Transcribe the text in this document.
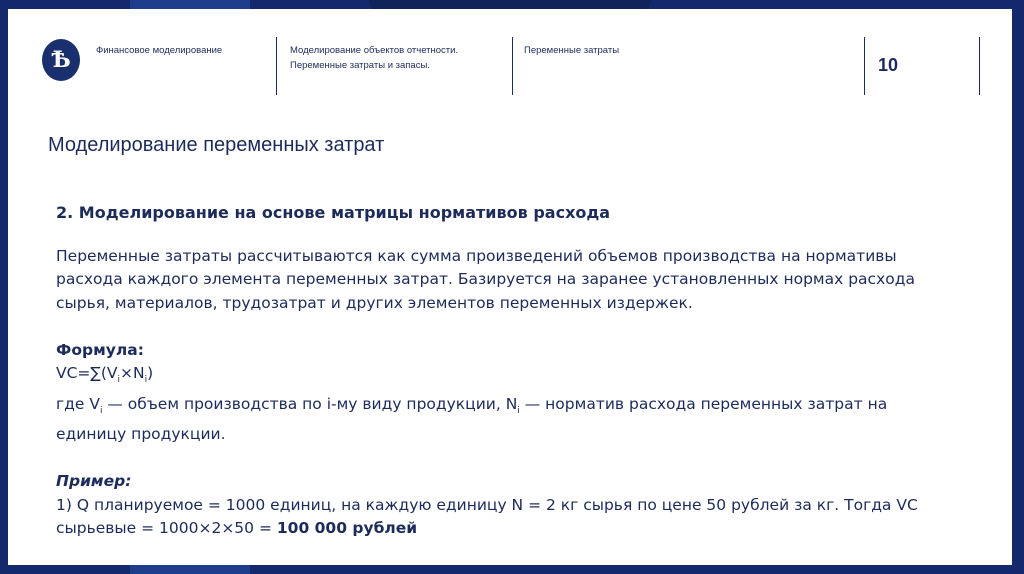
Ѣ	Финансовое моделирование	Моделирование объектов отчетности. Переменные затраты и запасы.
Переменные затраты
10
Моделирование переменных затрат
2. Моделирование на основе матрицы нормативов расхода
Переменные затраты рассчитываются как сумма произведений объемов производства на нормативы расхода каждого элемента переменных затрат. Базируется на заранее установленных нормах расхода сырья, материалов, трудозатрат и других элементов переменных издержек.
Формула:
$VC=\sum(V_i\times N_i)$
где $V_i$ — объем производства по i-му виду продукции, $N_i$ — норматив расхода переменных затрат на единицу продукции.
Пример:
1) Q планируемое = 1000 единиц, на каждую единицу N = 2 кг сырья по цене 50 рублей за кг. Тогда VC сырьевые = 1000×2×50 = 100 000 рублей
